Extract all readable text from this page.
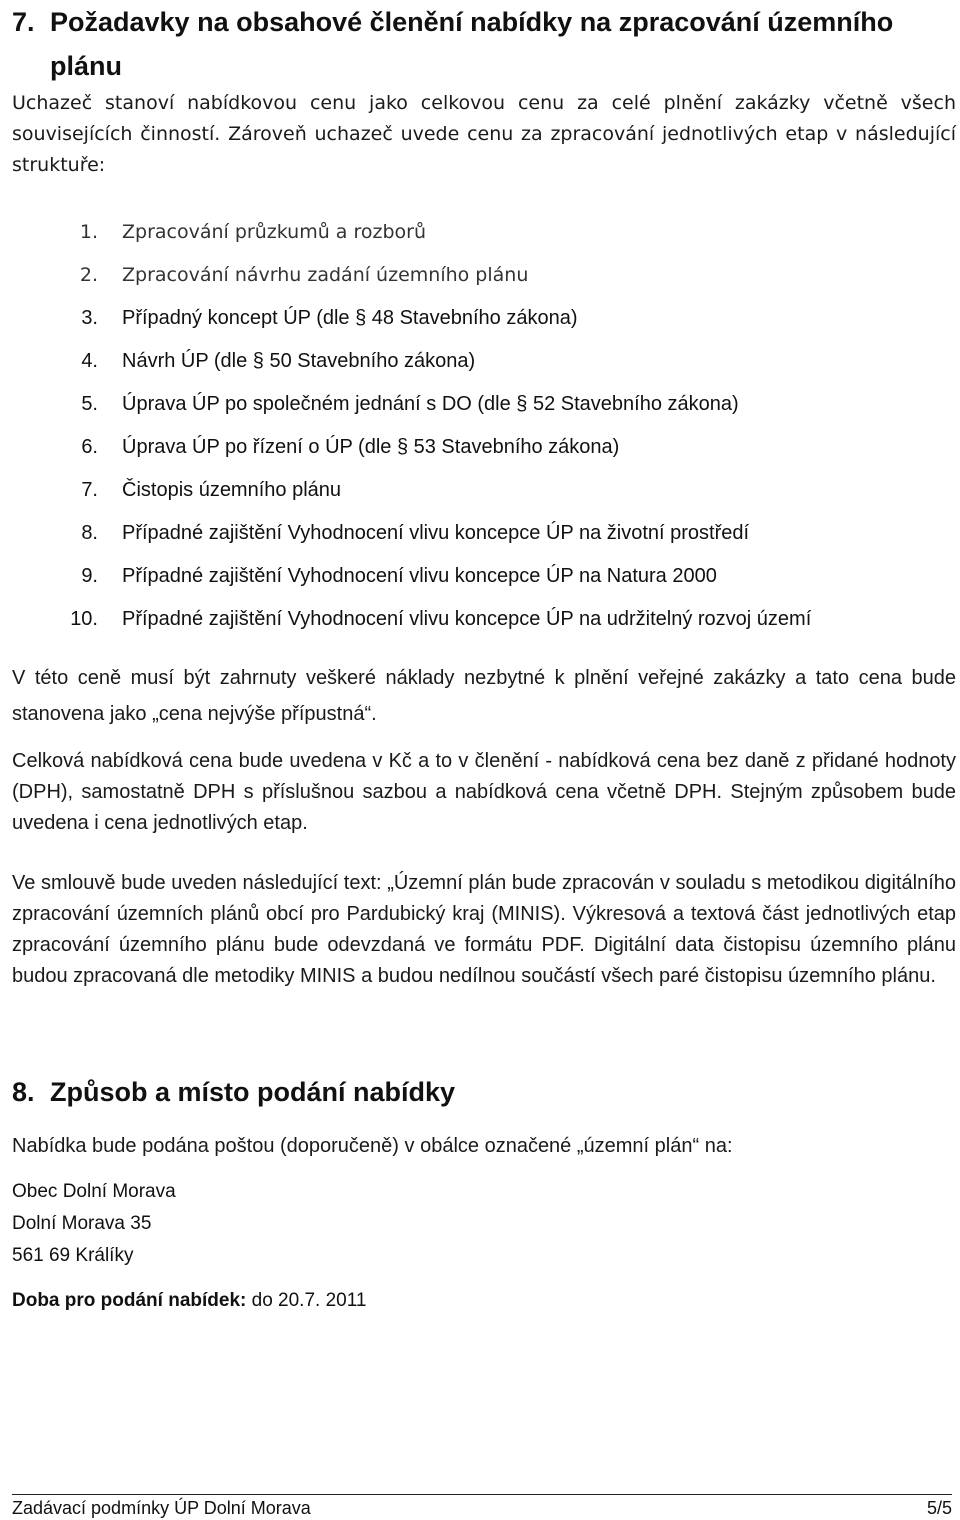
7. Požadavky na obsahové členění nabídky na zpracování územního
plánu

Uchazeč stanoví nabídkovou cenu jako celkovou cenu za celé plnění zakázky včetně všech souvisejících činností. Zároveň uchazeč uvede cenu za zpracování jednotlivých etap v následující struktuře:

1. Zpracování průzkumů a rozborů
2. Zpracování návrhu zadání územního plánu
3. Případný koncept ÚP (dle § 48 Stavebního zákona)
4. Návrh ÚP (dle § 50 Stavebního zákona)
5. Úprava ÚP po společném jednání s DO (dle § 52 Stavebního zákona)
6. Úprava ÚP po řízení o ÚP (dle § 53 Stavebního zákona)
7. Čistopis územního plánu
8. Případné zajištění Vyhodnocení vlivu koncepce ÚP na životní prostředí
9. Případné zajištění Vyhodnocení vlivu koncepce ÚP na Natura 2000
10. Případné zajištění Vyhodnocení vlivu koncepce ÚP na udržitelný rozvoj území

V této ceně musí být zahrnuty veškeré náklady nezbytné k plnění veřejné zakázky a tato cena bude stanovena jako „cena nejvýše přípustná“.

Celková nabídková cena bude uvedena v Kč a to v členění - nabídková cena bez daně z přidané hodnoty (DPH), samostatně DPH s příslušnou sazbou a nabídková cena včetně DPH. Stejným způsobem bude uvedena i cena jednotlivých etap.

Ve smlouvě bude uveden následující text: „Územní plán bude zpracován v souladu s metodikou digitálního zpracování územních plánů obcí pro Pardubický kraj (MINIS). Výkresová a textová část jednotlivých etap zpracování územního plánu bude odevzdaná ve formátu PDF. Digitální data čistopisu územního plánu budou zpracovaná dle metodiky MINIS a budou nedílnou součástí všech paré čistopisu územního plánu.

8. Způsob a místo podání nabídky

Nabídka bude podána poštou (doporučeně) v obálce označené „územní plán“ na:

Obec Dolní Morava
Dolní Morava 35
561 69 Králíky
Doba pro podání nabídek: do 20.7. 2011
Zadávací podmínky ÚP Dolní Morava	5/5
